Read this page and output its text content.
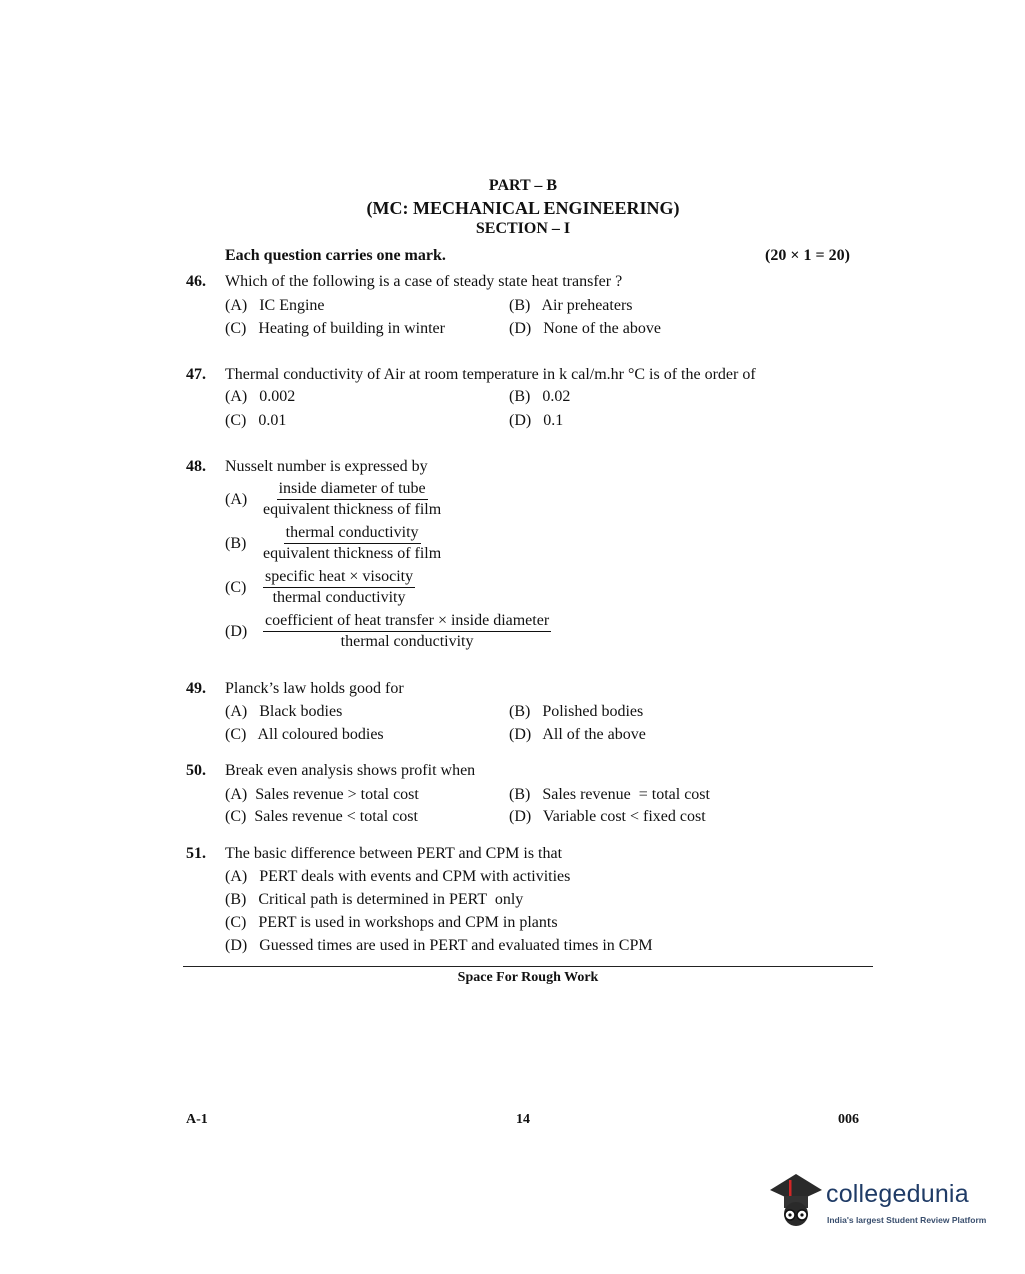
PART – B
(MC: MECHANICAL ENGINEERING)
SECTION – I
Each question carries one mark.	(20 × 1 = 20)
46. Which of the following is a case of steady state heat transfer ?
(A)   IC Engine	(B)   Air preheaters
(C)   Heating of building in winter	(D)   None of the above
47. Thermal conductivity of Air at room temperature in k cal/m.hr °C is of the order of
(A)   0.002	(B)   0.02
(C)   0.01	(D)   0.1
48. Nusselt number is expressed by
$(A) \frac{\text{inside diameter of tube}}{\text{equivalent thickness of film}}$
(B)	$\frac{\text{thermal conductivity}}{\text{equivalent thickness of film}}$
(C)	$\frac{\text{specific heat × visocity}}{\text{thermal conductivity}}$
$(D) \frac{\text{coefficient of heat transfer × inside diameter}}{\text{thermal conductivity}}$
49. Planck’s law holds good for
(A)   Black bodies	(B)   Polished bodies
(C)   All coloured bodies	(D)   All of the above
50. Break even analysis shows profit when
(A)  Sales revenue > total cost	(B)   Sales revenue  = total cost
(C)  Sales revenue < total cost	(D)   Variable cost < fixed cost
51. The basic difference between PERT and CPM is that
(A)   PERT deals with events and CPM with activities
(B)   Critical path is determined in PERT  only
(C)   PERT is used in workshops and CPM in plants
(D)   Guessed times are used in PERT and evaluated times in CPM
Space For Rough Work
A-1	14	006
collegedunia
India's largest Student Review Platform
